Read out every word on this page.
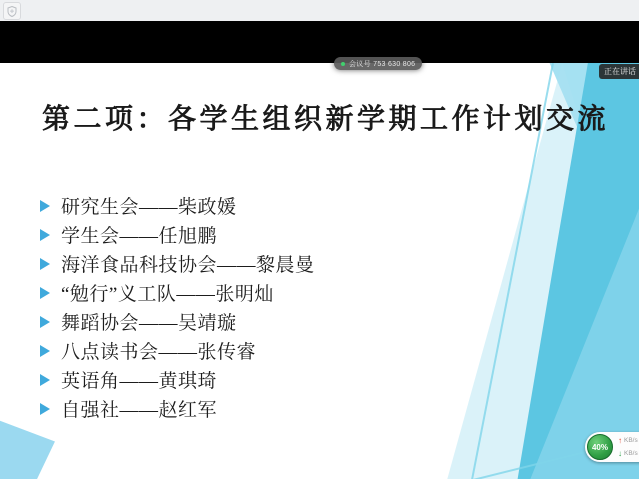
会议号 753 630 806
正在讲话
第二项：各学生组织新学期工作计划交流
研究生会——柴政媛
学生会——任旭鹏
海洋食品科技协会——黎晨曼
“勉行”义工队——张明灿
舞蹈协会——吴靖璇
八点读书会——张传睿
英语角——黄琪琦
自强社——赵红军
40%
↑ KB/s
↓ KB/s
